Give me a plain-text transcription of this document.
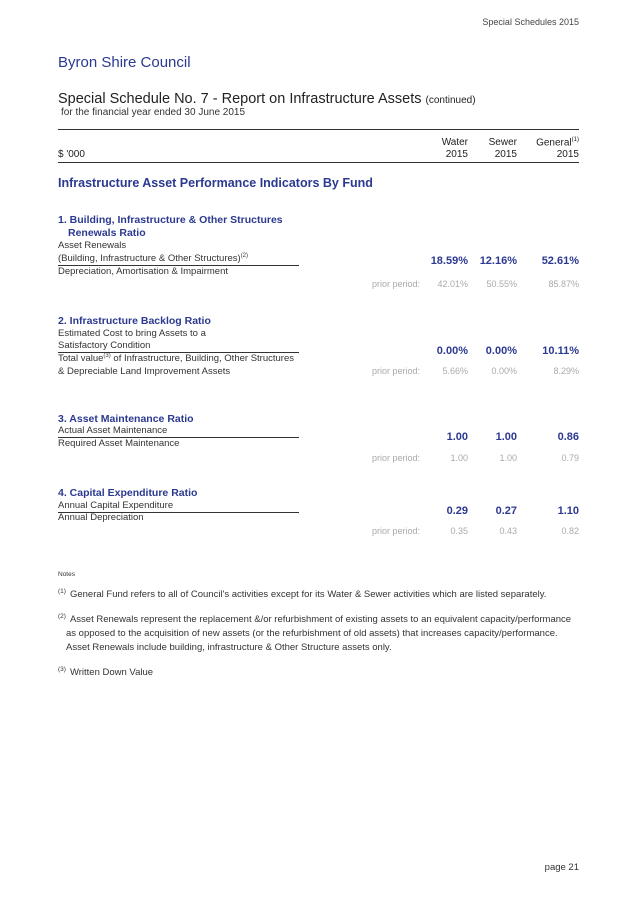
Special Schedules 2015
Byron Shire Council
Special Schedule No. 7 - Report on Infrastructure Assets (continued)
for the financial year ended 30 June 2015
Water Sewer General$^{(1)}$
$ '000	2015	2015	2015
Infrastructure Asset Performance Indicators By Fund
1. Building, Infrastructure & Other Structures
Renewals Ratio
Asset Renewals
(Building, Infrastructure & Other Structures)$^{(2)}$
Depreciation, Amortisation & Impairment
18.59% 12.16% 52.61%
prior period: 42.01% 50.55%	85.87%
2. Infrastructure Backlog Ratio
Estimated Cost to bring Assets to a
Satisfactory Condition
Total value$^{(3)}$ of Infrastructure, Building, Other Structures
& Depreciable Land Improvement Assets
0.00% 0.00% 10.11%
prior period: 5.66%	0.00%	8.29%
3. Asset Maintenance Ratio
Actual Asset Maintenance
Required Asset Maintenance
1.00	1.00	0.86
prior period:	1.00	1.00	0.79
4. Capital Expenditure Ratio
Annual Capital Expenditure
Annual Depreciation
0.29	0.27	1.10
prior period:	0.35	0.43	0.82
Notes
$^{(1)}$ General Fund refers to all of Council's activities except for its Water & Sewer activities which are listed separately.
$^{(2)}$ Asset Renewals represent the replacement &/or refurbishment of existing assets to an equivalent capacity/performance as opposed to the acquisition of new assets (or the refurbishment of old assets) that increases capacity/performance. Asset Renewals include building, infrastructure & Other Structure assets only.
$^{(3)}$ Written Down Value
page 21
